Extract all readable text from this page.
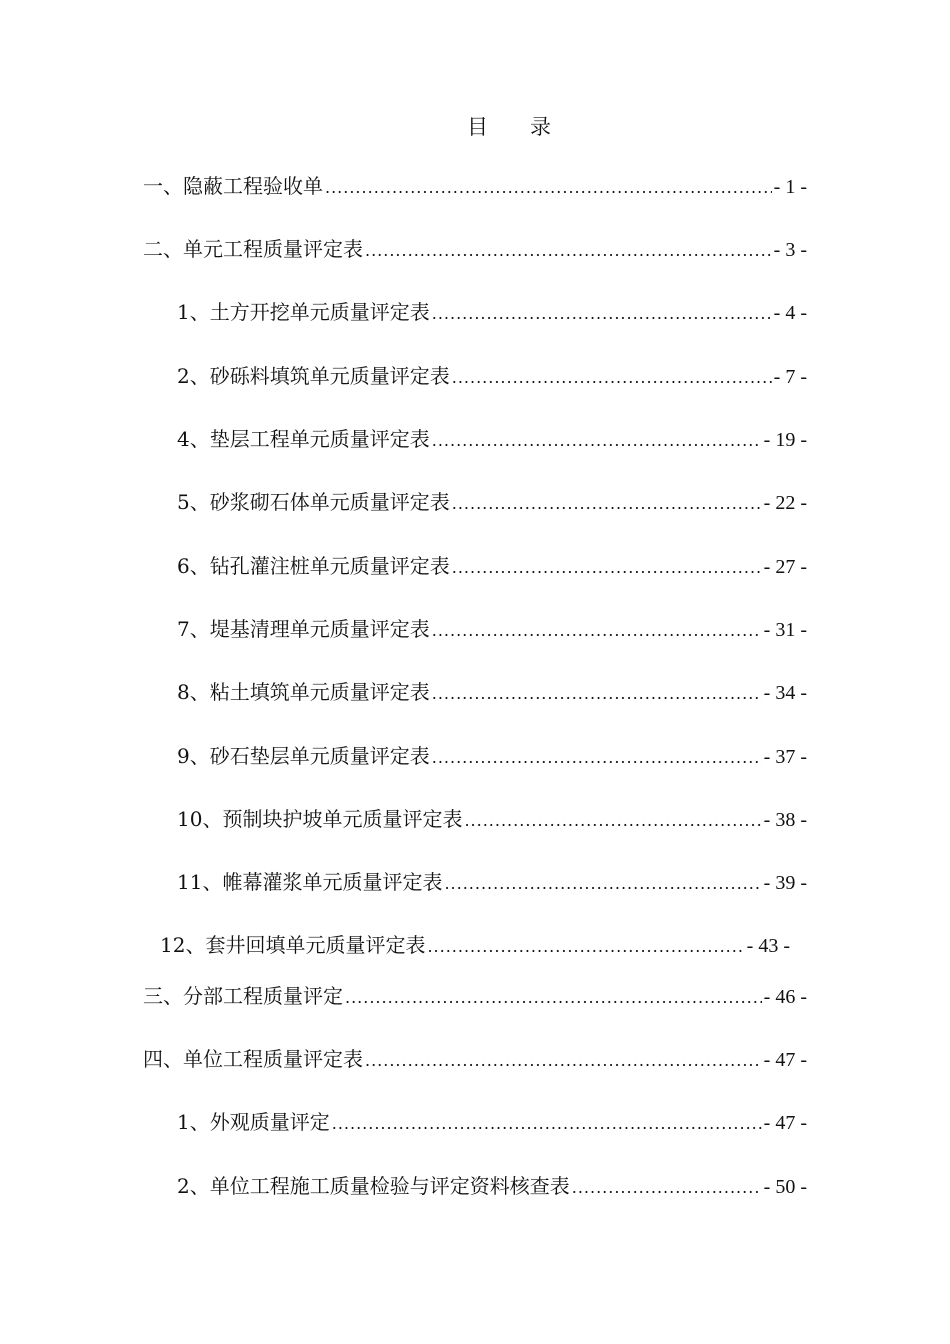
目 录
一、隐蔽工程验收单 .....	- 1 -
二、单元工程质量评定表 .....	- 3 -
1、土方开挖单元质量评定表 .....	- 4 -
2、砂砾料填筑单元质量评定表 .....	- 7 -
4、垫层工程单元质量评定表 .....	- 19 -
5、砂浆砌石体单元质量评定表 .....	- 22 -
6、钻孔灌注桩单元质量评定表 .....	- 27 -
7、堤基清理单元质量评定表 .....	- 31 -
8、粘土填筑单元质量评定表 .....	- 34 -
9、砂石垫层单元质量评定表 .....	- 37 -
10、预制块护坡单元质量评定表 .....	- 38 -
11、帷幕灌浆单元质量评定表 .....	- 39 -
12、套井回填单元质量评定表 .....	- 43 -
三、分部工程质量评定 .....	- 46 -
四、单位工程质量评定表 .....	- 47 -
1、外观质量评定 .....	- 47 -
2、单位工程施工质量检验与评定资料核查表 .....	- 50 -
